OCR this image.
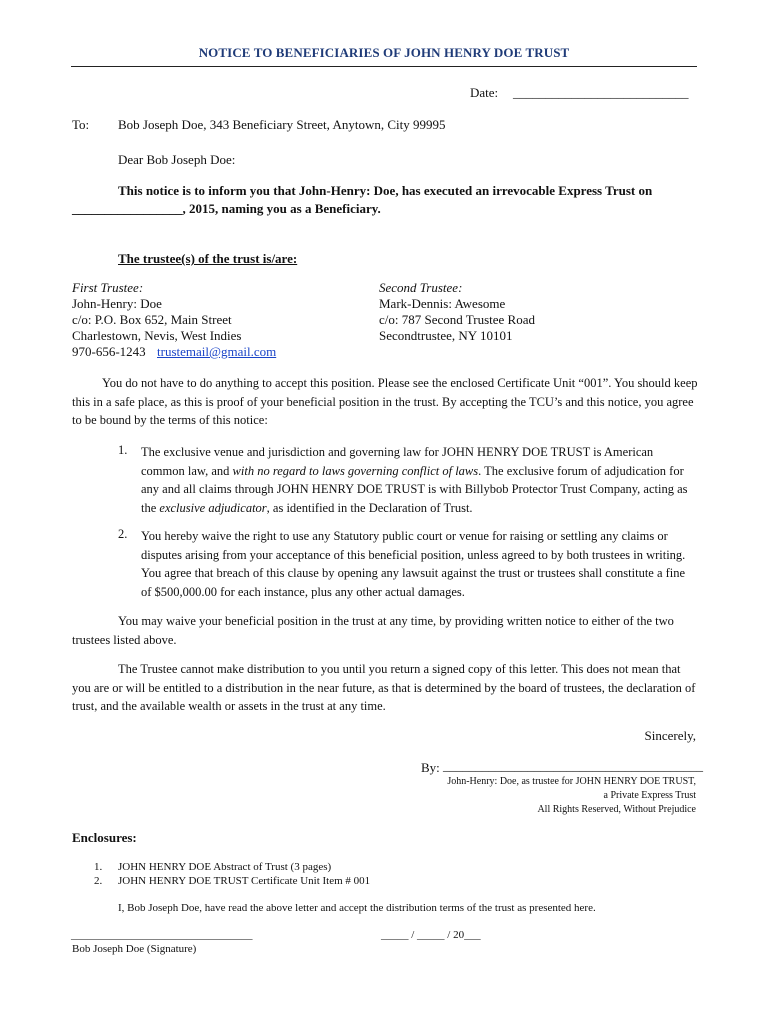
NOTICE TO BENEFICIARIES OF JOHN HENRY DOE TRUST
Date: ___________________________
To: Bob Joseph Doe, 343 Beneficiary Street, Anytown, City 99995
Dear Bob Joseph Doe:
This notice is to inform you that John-Henry: Doe, has executed an irrevocable Express Trust on
_________________, 2015, naming you as a Beneficiary.
The trustee(s) of the trust is/are:
First Trustee:
John-Henry: Doe
c/o: P.O. Box 652, Main Street
Charlestown, Nevis, West Indies
970-656-1243 trustemail@gmail.com
Second Trustee:
Mark-Dennis: Awesome
c/o: 787 Second Trustee Road
Secondtrustee, NY 10101
You do not have to do anything to accept this position. Please see the enclosed Certificate Unit “001”. You should keep this in a safe place, as this is proof of your beneficial position in the trust. By accepting the TCU’s and this notice, you agree to be bound by the terms of this notice:
1. The exclusive venue and jurisdiction and governing law for JOHN HENRY DOE TRUST is American common law, and with no regard to laws governing conflict of laws. The exclusive forum of adjudication for any and all claims through JOHN HENRY DOE TRUST is with Billybob Protector Trust Company, acting as the exclusive adjudicator, as identified in the Declaration of Trust.
2. You hereby waive the right to use any Statutory public court or venue for raising or settling any claims or disputes arising from your acceptance of this beneficial position, unless agreed to by both trustees in writing. You agree that breach of this clause by opening any lawsuit against the trust or trustees shall constitute a fine of $500,000.00 for each instance, plus any other actual damages.
You may waive your beneficial position in the trust at any time, by providing written notice to either of the two trustees listed above.
The Trustee cannot make distribution to you until you return a signed copy of this letter. This does not mean that you are or will be entitled to a distribution in the near future, as that is determined by the board of trustees, the declaration of trust, and the available wealth or assets in the trust at any time.
Sincerely,
By: ________________________________________
John-Henry: Doe, as trustee for JOHN HENRY DOE TRUST,
a Private Express Trust
All Rights Reserved, Without Prejudice
Enclosures:
1. JOHN HENRY DOE Abstract of Trust (3 pages)
2. JOHN HENRY DOE TRUST Certificate Unit Item # 001
I, Bob Joseph Doe, have read the above letter and accept the distribution terms of the trust as presented here.
_________________________________	_____ / _____ / 20___
Bob Joseph Doe (Signature)
